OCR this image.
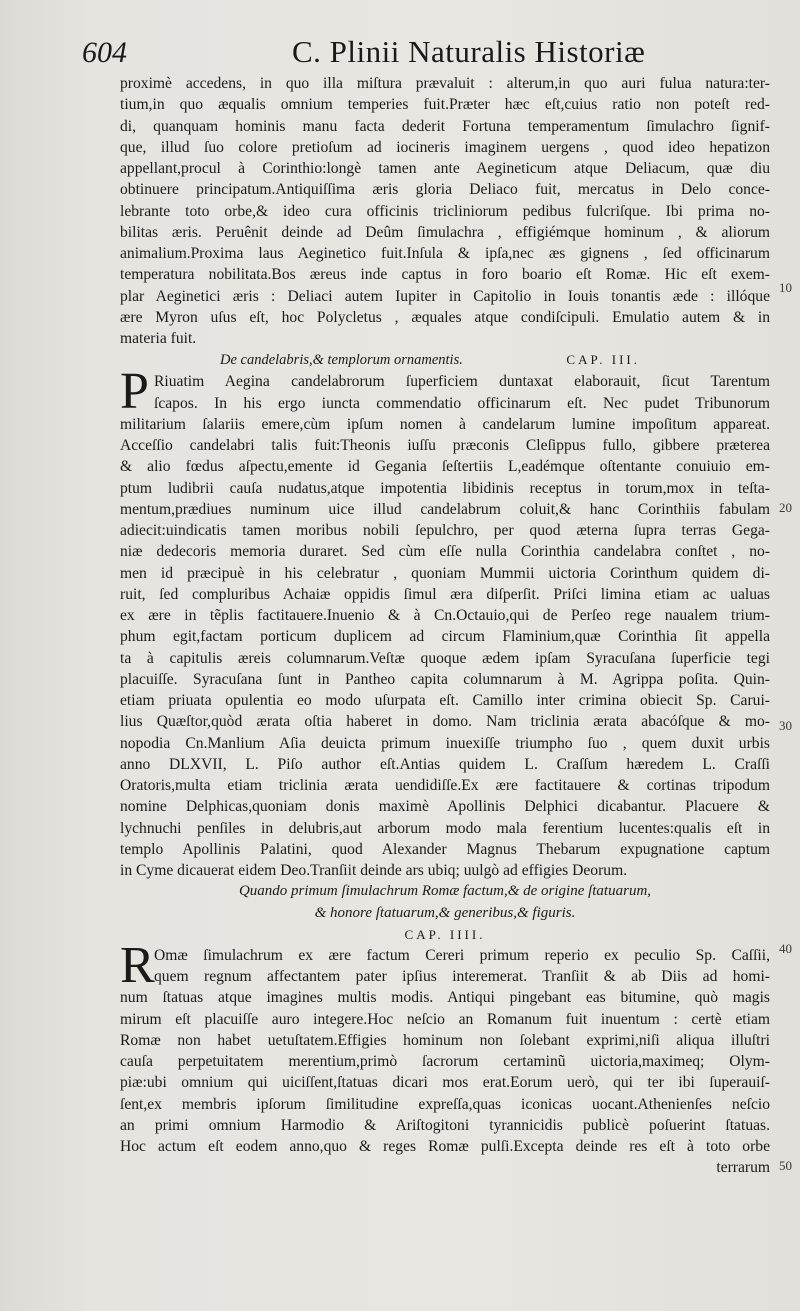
604	C. Plinii Naturalis Historiæ
10
20
30
40
50
proximè accedens, in quo illa miſtura prævaluit : alterum,in quo auri fulua natura:ter-
tium,in quo æqualis omnium temperies fuit.Præter hæc eſt,cuius ratio non poteſt red-
di, quanquam hominis manu facta dederit Fortuna temperamentum ſimulachro ſignif-
que, illud ſuo colore pretioſum ad iocineris imaginem uergens , quod ideo hepatizon
appellant,procul à Corinthio:longè tamen ante Aegineticum atque Deliacum, quæ diu
obtinuere principatum.Antiquiſſima æris gloria Deliaco fuit, mercatus in Delo conce-
lebrante toto orbe,& ideo cura officinis tricliniorum pedibus fulcriſque. Ibi prima no-
bilitas æris. Peruênit deinde ad Deûm ſimulachra , effigiémque hominum , & aliorum
animalium.Proxima laus Aeginetico fuit.Inſula & ipſa,nec æs gignens , ſed officinarum
temperatura nobilitata.Bos æreus inde captus in foro boario eſt Romæ. Hic eſt exem-
plar Aeginetici æris : Deliaci autem Iupiter in Capitolio in Iouis tonantis æde : illóque
ære Myron uſus eſt, hoc Polycletus , æquales atque condiſcipuli. Emulatio autem & in
materia fuit.
De candelabris,& templorum ornamentis.	CAP. III.
P Riuatim Aegina candelabrorum ſuperficiem duntaxat elaborauit, ſicut Tarentum
ſcapos. In his ergo iuncta commendatio officinarum eſt. Nec pudet Tribunorum
militarium ſalariis emere,cùm ipſum nomen à candelarum lumine impoſitum appareat.
Acceſſio candelabri talis fuit:Theonis iuſſu præconis Cleſippus fullo, gibbere præterea
& alio fœdus aſpectu,emente id Gegania ſeſtertiis L,eadémque oſtentante conuiuio em-
ptum ludibrii cauſa nudatus,atque impotentia libidinis receptus in torum,mox in teſta-
mentum,prædiues numinum uice illud candelabrum coluit,& hanc Corinthiis fabulam
adiecit:uindicatis tamen moribus nobili ſepulchro, per quod æterna ſupra terras Gega-
niæ dedecoris memoria duraret. Sed cùm eſſe nulla Corinthia candelabra conſtet , no-
men id præcipuè in his celebratur , quoniam Mummii uictoria Corinthum quidem di-
ruit, ſed compluribus Achaiæ oppidis ſimul æra diſperſit. Priſci limina etiam ac ualuas
ex ære in tẽplis factitauere.Inuenio & à Cn.Octauio,qui de Perſeo rege naualem trium-
phum egit,factam porticum duplicem ad circum Flaminium,quæ Corinthia ſit appella
ta à capitulis æreis columnarum.Veſtæ quoque ædem ipſam Syracuſana ſuperficie tegi
placuiſſe. Syracuſana ſunt in Pantheo capita columnarum à M. Agrippa poſita. Quin-
etiam priuata opulentia eo modo uſurpata eſt. Camillo inter crimina obiecit Sp. Carui-
lius Quæſtor,quòd ærata oſtia haberet in domo. Nam triclinia ærata abacóſque & mo-
nopodia Cn.Manlium Aſia deuicta primum inuexiſſe triumpho ſuo , quem duxit urbis
anno DLXVII, L. Piſo author eſt.Antias quidem L. Craſſum hæredem L. Craſſi
Oratoris,multa etiam triclinia ærata uendidiſſe.Ex ære factitauere & cortinas tripodum
nomine Delphicas,quoniam donis maximè Apollinis Delphici dicabantur. Placuere &
lychnuchi penſiles in delubris,aut arborum modo mala ferentium lucentes:qualis eſt in
templo Apollinis Palatini, quod Alexander Magnus Thebarum expugnatione captum
in Cyme dicauerat eidem Deo.Tranſiit deinde ars ubiq; uulgò ad effigies Deorum.
Quando primum ſimulachrum Romæ factum,& de origine ſtatuarum,
& honore ſtatuarum,& generibus,& figuris.
CAP. IIII.
R Omæ ſimulachrum ex ære factum Cereri primum reperio ex peculio Sp. Caſſii,
quem regnum affectantem pater ipſius interemerat. Tranſiit & ab Diis ad homi-
num ſtatuas atque imagines multis modis. Antiqui pingebant eas bitumine, quò magis
mirum eſt placuiſſe auro integere.Hoc neſcio an Romanum fuit inuentum : certè etiam
Romæ non habet uetuſtatem.Effigies hominum non ſolebant exprimi,niſi aliqua illuſtri
cauſa perpetuitatem merentium,primò ſacrorum certaminũ uictoria,maximeq; Olym-
piæ:ubi omnium qui uiciſſent,ſtatuas dicari mos erat.Eorum uerò, qui ter ibi ſuperauiſ-
ſent,ex membris ipſorum ſimilitudine expreſſa,quas iconicas uocant.Athenienſes neſcio
an primi omnium Harmodio & Ariſtogitoni tyrannicidis publicè poſuerint ſtatuas.
Hoc actum eſt eodem anno,quo & reges Romæ pulſi.Excepta deinde res eſt à toto orbe
terrarum
